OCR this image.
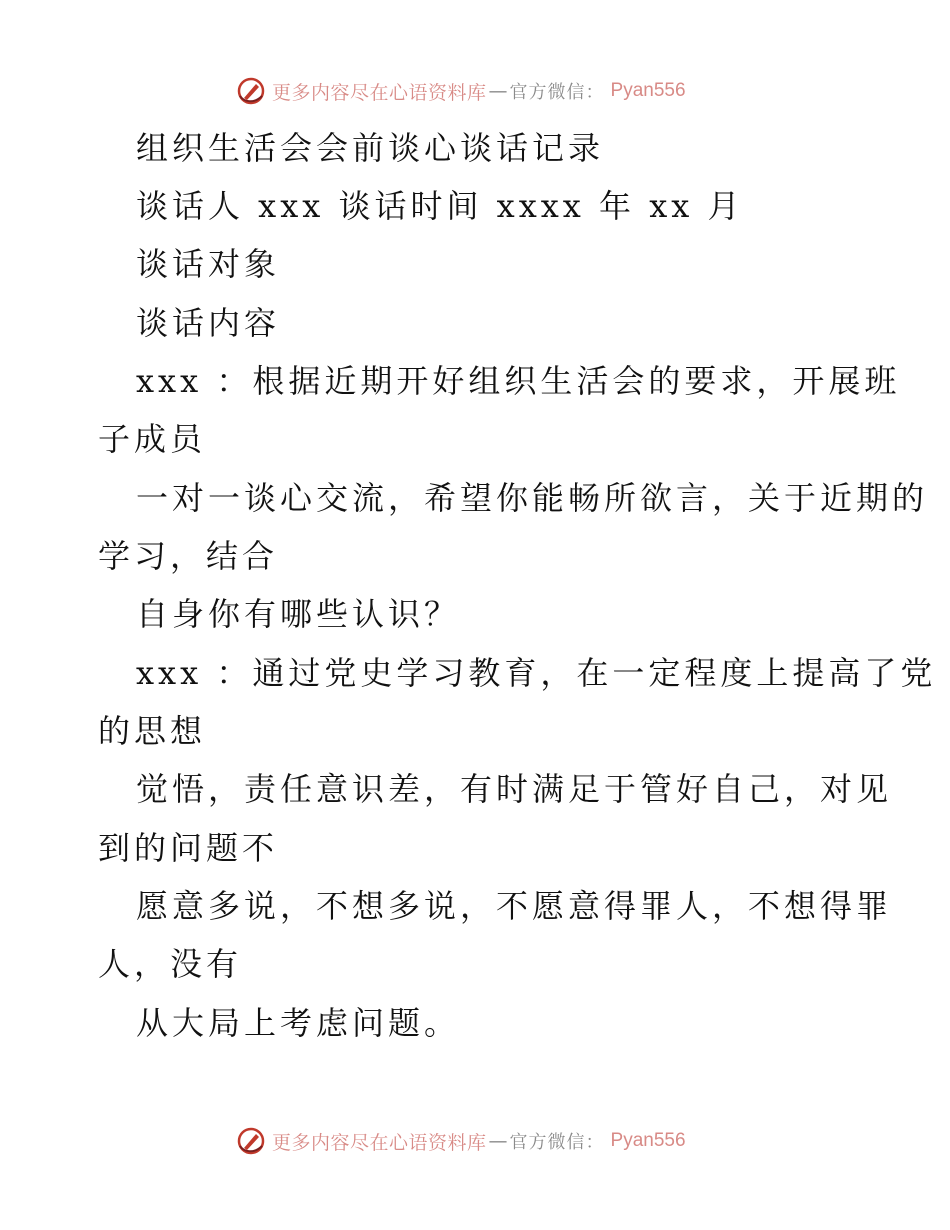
更多内容尽在心语资料库 — 官方微信： Pyan556
组织生活会会前谈心谈话记录
谈话人 xxx 谈话时间 xxxx 年 xx 月
谈话对象
谈话内容
xxx ：根据近期开好组织生活会的要求，开展班
子成员
一对一谈心交流，希望你能畅所欲言，关于近期的
学习，结合
自身你有哪些认识？
xxx ：通过党史学习教育，在一定程度上提高了党
的思想
觉悟，责任意识差，有时满足于管好自己，对见
到的问题不
愿意多说，不想多说，不愿意得罪人，不想得罪
人，没有
从大局上考虑问题。
更多内容尽在心语资料库 — 官方微信： Pyan556
